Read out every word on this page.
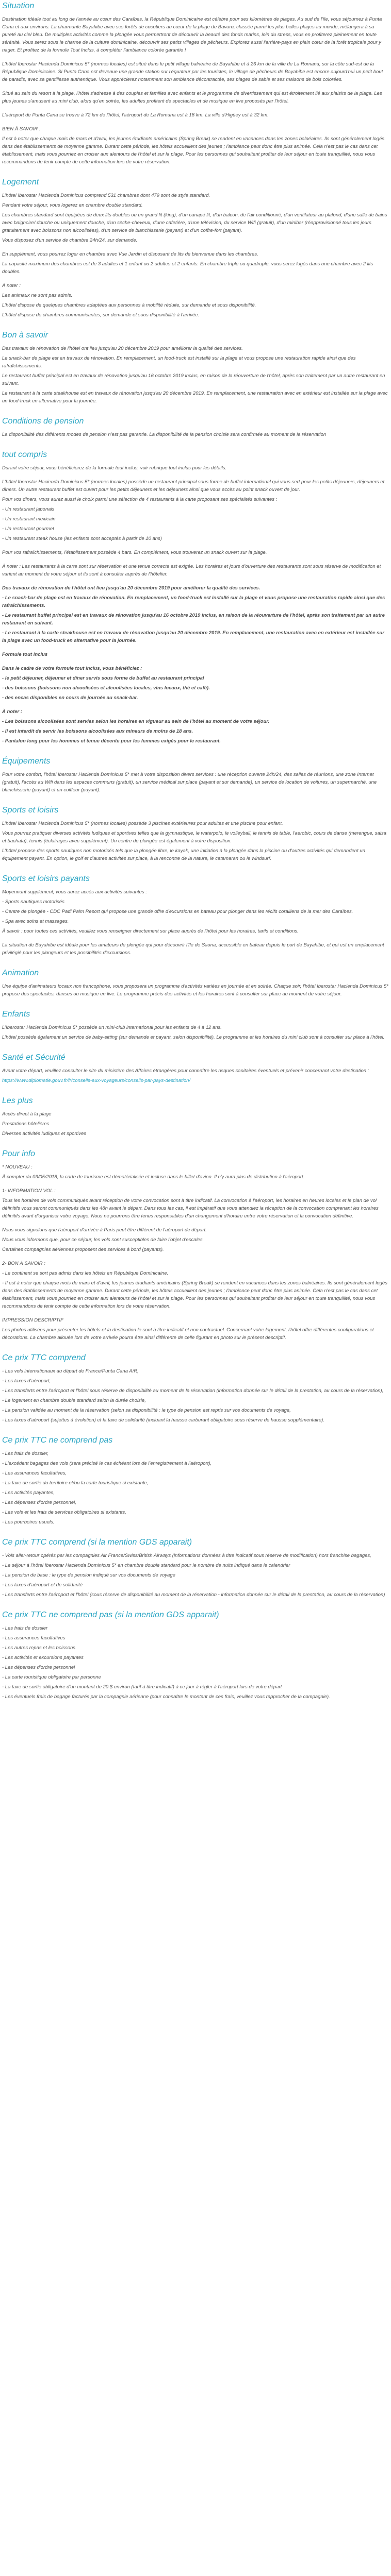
Situation

Destination idéale tout au long de l'année au cœur des Caraïbes, la République Dominicaine est célèbre pour ses kilomètres de plages. Au sud de l'île, vous séjournez à Punta Cana et aux environs. La charmante Bayahibe avec ses forêts de cocotiers au cœur de la plage de Bavaro, classée parmi les plus belles plages au monde, mélangera à sa pureté au ciel bleu. De multiples activités comme la plongée vous permettront de découvrir la beauté des fonds marins, loin du stress, vous en profiterez pleinement en toute sérénité. Vous serez sous le charme de la culture dominicaine, découvrir ses petits villages de pêcheurs. Explorez aussi l'arrière-pays en plein cœur de la forêt tropicale pour y nager. Et profitez de la formule Tout Inclus, à compléter l'ambiance colorée garantie !

L'hôtel Iberostar Hacienda Dominicus 5* (normes locales) est situé dans le petit village balnéaire de Bayahibe et à 26 km de la ville de La Romana, sur la côte sud-est de la République Dominicaine. Si Punta Cana est devenue une grande station sur l'équateur par les touristes, le village de pêcheurs de Bayahibe est encore aujourd'hui un petit bout de paradis, avec sa gentillesse authentique. Vous apprécierez notamment son ambiance décontractée, ses plages de sable et ses maisons de bois colorées.

Situé au sein du resort à la plage, l'hôtel s'adresse à des couples et familles avec enfants et le programme de divertissement qui est étroitement lié aux plaisirs de la plage. Les plus jeunes s'amusent au mini club, alors qu'en soirée, les adultes profitent de spectacles et de musique en live proposés par l'hôtel.

L'aéroport de Punta Cana se trouve à 72 km de l'hôtel, l'aéroport de La Romana est à 18 km. La ville d'Higüey est à 32 km.

BIEN À SAVOIR :

Il est à noter que chaque mois de mars et d'avril, les jeunes étudiants américains (Spring Break) se rendent en vacances dans les zones balnéaires. Ils sont généralement logés dans des établissements de moyenne gamme. Durant cette période, les hôtels accueillent des jeunes ; l'ambiance peut donc être plus animée. Cela n'est pas le cas dans cet établissement, mais vous pourriez en croiser aux alentours de l'hôtel et sur la plage. Pour les personnes qui souhaitent profiter de leur séjour en toute tranquillité, nous vous recommandons de tenir compte de cette information lors de votre réservation.

Logement

L'hôtel Iberostar Hacienda Dominicus comprend 531 chambres dont 479 sont de style standard.

Pendant votre séjour, vous logerez en chambre double standard.

Les chambres standard sont équipées de deux lits doubles ou un grand lit (king), d'un canapé lit, d'un balcon, de l'air conditionné, d'un ventilateur au plafond, d'une salle de bains avec baignoire/ douche ou uniquement douche, d'un sèche-cheveux, d'une cafetière, d'une télévision, du service Wifi (gratuit), d'un minibar (réapprovisionné tous les jours gratuitement avec boissons non alcoolisées), d'un service de blanchisserie (payant) et d'un coffre-fort (payant).

Vous disposez d'un service de chambre 24h/24, sur demande.

En supplément, vous pourrez loger en chambre avec Vue Jardin et disposant de lits de bienvenue dans les chambres.

La capacité maximum des chambres est de 3 adultes et 1 enfant ou 2 adultes et 2 enfants. En chambre triple ou quadruple, vous serez logés dans une chambre avec 2 lits doubles.

À noter :

Les animaux ne sont pas admis.

L'hôtel dispose de quelques chambres adaptées aux personnes à mobilité réduite, sur demande et sous disponibilité.

L'hôtel dispose de chambres communicantes, sur demande et sous disponibilité à l'arrivée.

Bon à savoir

Des travaux de rénovation de l'hôtel ont lieu jusqu'au 20 décembre 2019 pour améliorer la qualité des services.

Le snack-bar de plage est en travaux de rénovation. En remplacement, un food-truck est installé sur la plage et vous propose une restauration rapide ainsi que des rafraîchissements.

Le restaurant buffet principal est en travaux de rénovation jusqu'au 16 octobre 2019 inclus, en raison de la réouverture de l'hôtel, après son traitement par un autre restaurant en suivant.

Le restaurant à la carte steakhouse est en travaux de rénovation jusqu'au 20 décembre 2019. En remplacement, une restauration avec en extérieur est installée sur la plage avec un food-truck en alternative pour la journée.

Conditions de pension

La disponibilité des différents modes de pension n'est pas garantie. La disponibilité de la pension choisie sera confirmée au moment de la réservation

tout compris

Durant votre séjour, vous bénéficierez de la formule tout inclus, voir rubrique tout inclus pour les détails.

L'hôtel Iberostar Hacienda Dominicus 5* (normes locales) possède un restaurant principal sous forme de buffet international qui vous sert pour les petits déjeuners, déjeuners et dîners. Un autre restaurant buffet est ouvert pour les petits déjeuners et les déjeuners ainsi que vous accès au point snack ouvert de jour.

Pour vos dîners, vous aurez aussi le choix parmi une sélection de 4 restaurants à la carte proposant ses spécialités suivantes :

- Un restaurant japonais

- Un restaurant mexicain

- Un restaurant gourmet

- Un restaurant steak house (les enfants sont acceptés à partir de 10 ans)

Pour vos rafraîchissements, l'établissement possède 4 bars. En complément, vous trouverez un snack ouvert sur la plage.

À noter : Les restaurants à la carte sont sur réservation et une tenue correcte est exigée. Les horaires et jours d'ouverture des restaurants sont sous réserve de modification et varient au moment de votre séjour et ils sont à consulter auprès de l'hôtelier.

Des travaux de rénovation de l'hôtel ont lieu jusqu'au 20 décembre 2019 pour améliorer la qualité des services.

- Le snack-bar de plage est en travaux de rénovation. En remplacement, un food-truck est installé sur la plage et vous propose une restauration rapide ainsi que des rafraîchissements.

- Le restaurant buffet principal est en travaux de rénovation jusqu'au 16 octobre 2019 inclus, en raison de la réouverture de l'hôtel, après son traitement par un autre restaurant en suivant.

- Le restaurant à la carte steakhouse est en travaux de rénovation jusqu'au 20 décembre 2019. En remplacement, une restauration avec en extérieur est installée sur la plage avec un food-truck en alternative pour la journée.

Formule tout inclus

Dans le cadre de votre formule tout inclus, vous bénéficiez :

- le petit déjeuner, déjeuner et dîner servis sous forme de buffet au restaurant principal

- des boissons (boissons non alcoolisées et alcoolisées locales, vins locaux, thé et café).

- des encas disponibles en cours de journée au snack-bar.

À noter :

- Les boissons alcoolisées sont servies selon les horaires en vigueur au sein de l'hôtel au moment de votre séjour.

- Il est interdit de servir les boissons alcoolisées aux mineurs de moins de 18 ans.

- Pantalon long pour les hommes et tenue décente pour les femmes exigés pour le restaurant.

Équipements

Pour votre confort, l'hôtel Iberostar Hacienda Dominicus 5* met à votre disposition divers services : une réception ouverte 24h/24, des salles de réunions, une zone Internet (gratuit), l'accès au Wifi dans les espaces communs (gratuit), un service médical sur place (payant et sur demande), un service de location de voitures, un supermarché, une blanchisserie (payant) et un coiffeur (payant).

Sports et loisirs

L'hôtel Iberostar Hacienda Dominicus 5* (normes locales) possède 3 piscines extérieures pour adultes et une piscine pour enfant.

Vous pourrez pratiquer diverses activités ludiques et sportives telles que la gymnastique, le waterpolo, le volleyball, le tennis de table, l'aerobic, cours de danse (merengue, salsa et bachata), tennis (éclairages avec supplément). Un centre de plongée est également à votre disposition.

L'hôtel propose des sports nautiques non motorisés tels que la plongée libre, le kayak, une initiation à la plongée dans la piscine ou d'autres activités qui demandent un équipement payant. En option, le golf et d'autres activités sur place, à la rencontre de la nature, le catamaran ou le windsurf.

Sports et loisirs payants

Moyennant supplément, vous aurez accès aux activités suivantes :

- Sports nautiques motorisés

- Centre de plongée - CDC Padi Palm Resort qui propose une grande offre d'excursions en bateau pour plonger dans les récifs coralliens de la mer des Caraïbes.

- Spa avec soins et massages.

À savoir : pour toutes ces activités, veuillez vous renseigner directement sur place auprès de l'hôtel pour les horaires, tarifs et conditions.

La situation de Bayahibe est idéale pour les amateurs de plongée qui pour découvrir l'île de Saona, accessible en bateau depuis le port de Bayahibe, et qui est un emplacement privilégié pour les plongeurs et les possibilités d'excursions.

Animation

Une équipe d'animateurs locaux non francophone, vous proposera un programme d'activités variées en journée et en soirée. Chaque soir, l'hôtel Iberostar Hacienda Dominicus 5* propose des spectacles, danses ou musique en live. Le programme précis des activités et les horaires sont à consulter sur place au moment de votre séjour.

Enfants

L'Iberostar Hacienda Dominicus 5* possède un mini-club international pour les enfants de 4 à 12 ans.

L'hôtel possède également un service de baby-sitting (sur demande et payant, selon disponibilité). Le programme et les horaires du mini club sont à consulter sur place à l'hôtel.

Santé et Sécurité

Avant votre départ, veuillez consulter le site du ministère des Affaires étrangères pour connaître les risques sanitaires éventuels et prévenir concernant votre destination :

https://www.diplomatie.gouv.fr/fr/conseils-aux-voyageurs/conseils-par-pays-destination/

Les plus

Accès direct à la plage

Prestations hôtelières

Diverses activités ludiques et sportives

Pour info

* NOUVEAU :

À compter du 03/05/2018, la carte de tourisme est dématérialisée et incluse dans le billet d'avion. Il n'y aura plus de distribution à l'aéroport.

1- INFORMATION VOL :

Tous les horaires de vols communiqués avant réception de votre convocation sont à titre indicatif. La convocation à l'aéroport, les horaires en heures locales et le plan de vol définitifs vous seront communiqués dans les 48h avant le départ. Dans tous les cas, il est impératif que vous attendiez la réception de la convocation comprenant les horaires définitifs avant d'organiser votre voyage. Nous ne pourrons être tenus responsables d'un changement d'horaire entre votre réservation et la convocation définitive.

Nous vous signalons que l'aéroport d'arrivée à Paris peut être différent de l'aéroport de départ.

Nous vous informons que, pour ce séjour, les vols sont susceptibles de faire l'objet d'escales.

Certaines compagnies aériennes proposent des services à bord (payants).

2- BON À SAVOIR :

- Le continent se sort pas admis dans les hôtels en République Dominicaine.

- Il est à noter que chaque mois de mars et d'avril, les jeunes étudiants américains (Spring Break) se rendent en vacances dans les zones balnéaires. Ils sont généralement logés dans des établissements de moyenne gamme. Durant cette période, les hôtels accueillent des jeunes ; l'ambiance peut donc être plus animée. Cela n'est pas le cas dans cet établissement, mais vous pourriez en croiser aux alentours de l'hôtel et sur la plage. Pour les personnes qui souhaitent profiter de leur séjour en toute tranquillité, nous vous recommandons de tenir compte de cette information lors de votre réservation.

IMPRESSION DESCRIPTIF

Les photos utilisées pour présenter les hôtels et la destination le sont à titre indicatif et non contractuel. Concernant votre logement, l'hôtel offre différentes configurations et décorations. La chambre allouée lors de votre arrivée pourra être ainsi différente de celle figurant en photo sur le présent descriptif.

Ce prix TTC comprend

- Les vols internationaux au départ de France/Punta Cana A/R,

- Les taxes d'aéroport,

- Les transferts entre l'aéroport et l'hôtel sous réserve de disponibilité au moment de la réservation (information donnée sur le détail de la prestation, au cours de la réservation),

- Le logement en chambre double standard selon la durée choisie,

- La pension validée au moment de la réservation (selon sa disponibilité : le type de pension est repris sur vos documents de voyage,

- Les taxes d'aéroport (sujettes à évolution) et la taxe de solidarité (incluant la hausse carburant obligatoire sous réserve de hausse supplémentaire).

Ce prix TTC ne comprend pas

- Les frais de dossier,

- L'excédent bagages des vols (sera précisé le cas échéant lors de l'enregistrement à l'aéroport),

- Les assurances facultatives,

- La taxe de sortie du territoire et/ou la carte touristique si existante,

- Les activités payantes,

- Les dépenses d'ordre personnel,

- Les vols et les frais de services obligatoires si existants,

- Les pourboires usuels.

Ce prix TTC comprend (si la mention GDS apparait)

- Vols aller-retour opérés par les compagnies Air France/Swiss/British Airways (informations données à titre indicatif sous réserve de modification) hors franchise bagages,

- Le séjour à l'hôtel Iberostar Hacienda Dominicus 5* en chambre double standard pour le nombre de nuits indiqué dans le calendrier

- La pension de base : le type de pension indiqué sur vos documents de voyage

- Les taxes d'aéroport et de solidarité

- Les transferts entre l'aéroport et l'hôtel (sous réserve de disponibilité au moment de la réservation - information donnée sur le détail de la prestation, au cours de la réservation)

Ce prix TTC ne comprend pas (si la mention GDS apparait)

- Les frais de dossier

- Les assurances facultatives

- Les autres repas et les boissons

- Les activités et excursions payantes

- Les dépenses d'ordre personnel

- La carte touristique obligatoire par personne

- La taxe de sortie obligatoire d'un montant de 20 $ environ (tarif à titre indicatif) à ce jour à régler à l'aéroport lors de votre départ

- Les éventuels frais de bagage facturés par la compagnie aérienne (pour connaître le montant de ces frais, veuillez vous rapprocher de la compagnie).
